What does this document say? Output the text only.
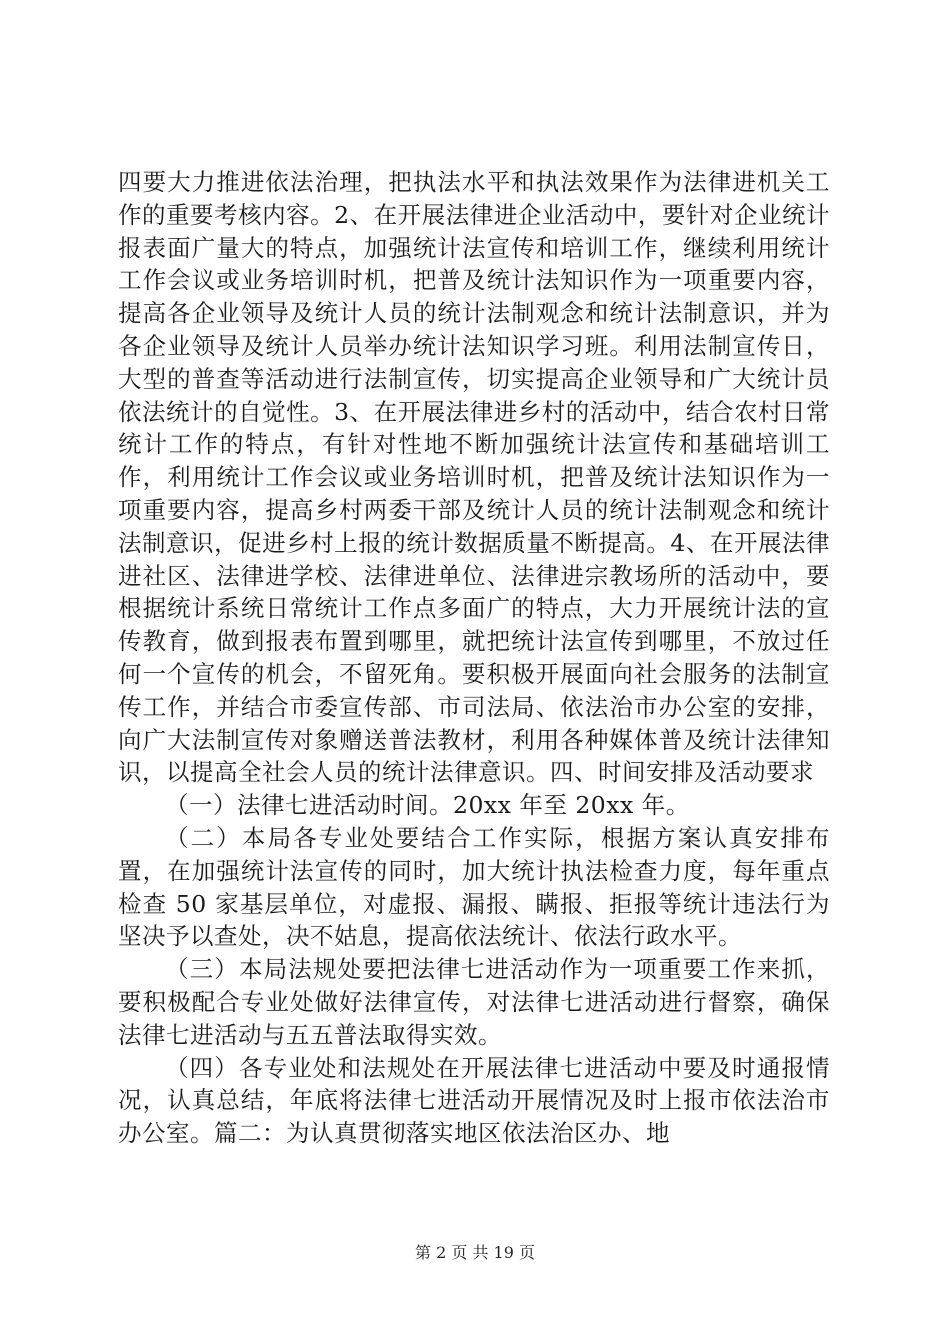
四要大力推进依法治理，把执法水平和执法效果作为法律进机关工作的重要考核内容。2、在开展法律进企业活动中，要针对企业统计报表面广量大的特点，加强统计法宣传和培训工作，继续利用统计工作会议或业务培训时机，把普及统计法知识作为一项重要内容，提高各企业领导及统计人员的统计法制观念和统计法制意识，并为各企业领导及统计人员举办统计法知识学习班。利用法制宣传日，大型的普查等活动进行法制宣传，切实提高企业领导和广大统计员依法统计的自觉性。3、在开展法律进乡村的活动中，结合农村日常统计工作的特点，有针对性地不断加强统计法宣传和基础培训工作，利用统计工作会议或业务培训时机，把普及统计法知识作为一项重要内容，提高乡村两委干部及统计人员的统计法制观念和统计法制意识，促进乡村上报的统计数据质量不断提高。4、在开展法律进社区、法律进学校、法律进单位、法律进宗教场所的活动中，要根据统计系统日常统计工作点多面广的特点，大力开展统计法的宣传教育，做到报表布置到哪里，就把统计法宣传到哪里，不放过任何一个宣传的机会，不留死角。要积极开展面向社会服务的法制宣传工作，并结合市委宣传部、市司法局、依法治市办公室的安排，向广大法制宣传对象赠送普法教材，利用各种媒体普及统计法律知识，以提高全社会人员的统计法律意识。四、时间安排及活动要求

（一）法律七进活动时间。20xx 年至 20xx 年。

（二）本局各专业处要结合工作实际，根据方案认真安排布置，在加强统计法宣传的同时，加大统计执法检查力度，每年重点检查 50 家基层单位，对虚报、漏报、瞒报、拒报等统计违法行为坚决予以查处，决不姑息，提高依法统计、依法行政水平。

（三）本局法规处要把法律七进活动作为一项重要工作来抓，要积极配合专业处做好法律宣传，对法律七进活动进行督察，确保法律七进活动与五五普法取得实效。

（四）各专业处和法规处在开展法律七进活动中要及时通报情况，认真总结，年底将法律七进活动开展情况及时上报市依法治市办公室。篇二：为认真贯彻落实地区依法治区办、地

第 2 页 共 19 页
